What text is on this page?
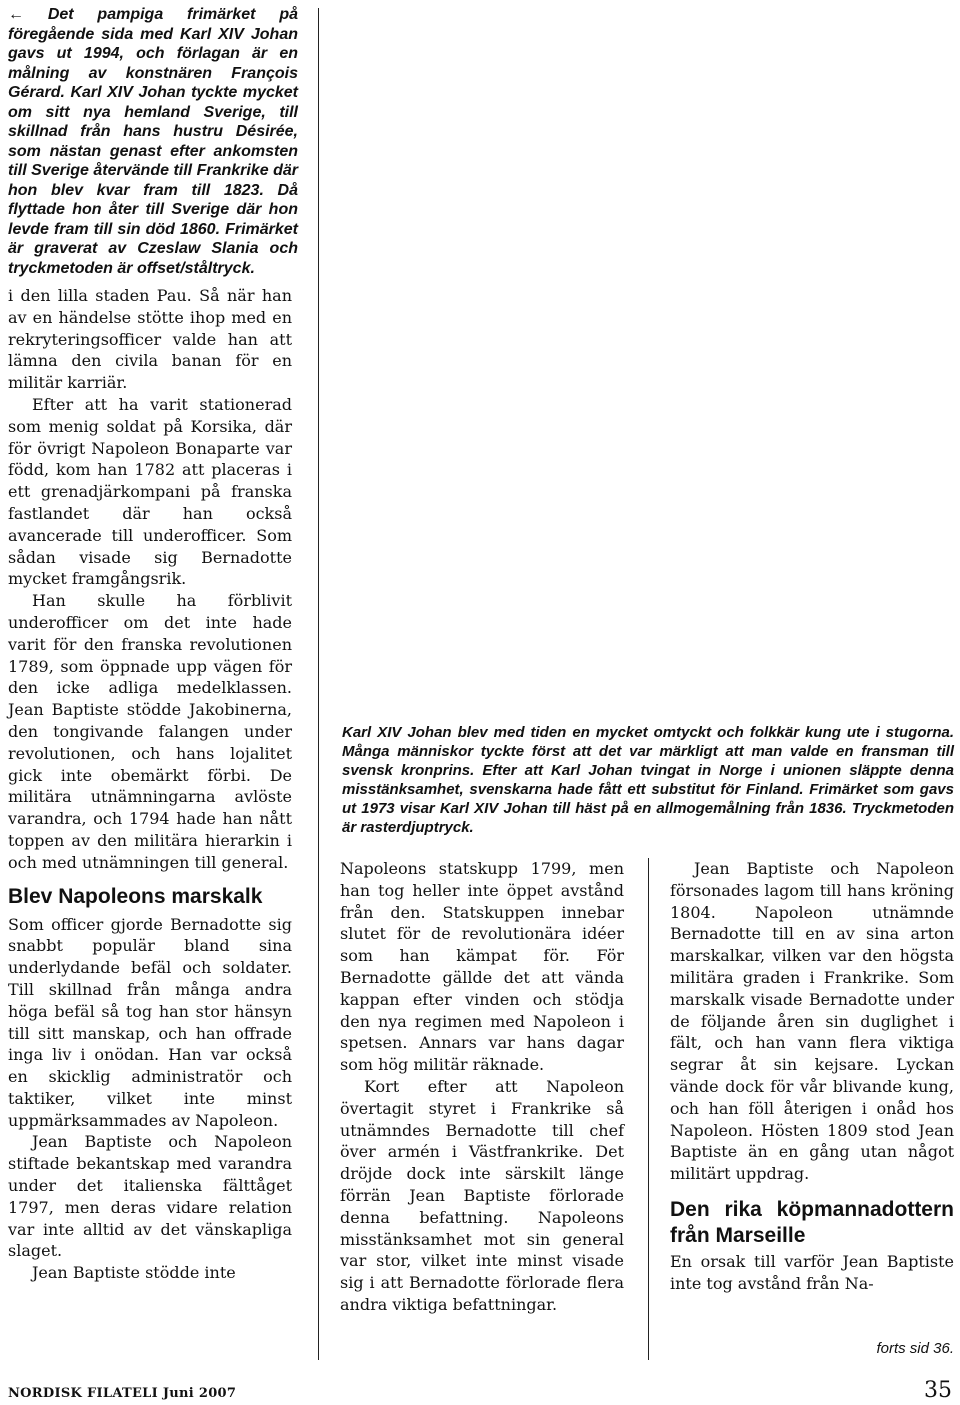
← Det pampiga frimärket på föregående sida med Karl XIV Johan gavs ut 1994, och förlagan är en målning av konstnären François Gérard. Karl XIV Johan tyckte mycket om sitt nya hemland Sverige, till skillnad från hans hustru Désirée, som nästan genast efter ankomsten till Sverige återvände till Frankrike där hon blev kvar fram till 1823. Då flyttade hon åter till Sverige där hon levde fram till sin död 1860. Frimärket är graverat av Czeslaw Slania och tryckmetoden är offset/ståltryck.

i den lilla staden Pau. Så när han av en händelse stötte ihop med en rekryteringsofficer valde han att lämna den civila banan för en militär karriär.

Efter att ha varit stationerad som menig soldat på Korsika, där för övrigt Napoleon Bonaparte var född, kom han 1782 att placeras i ett grenadjärkompani på franska fastlandet där han också avancerade till underofficer. Som sådan visade sig Bernadotte mycket framgångsrik.

Han skulle ha förblivit underofficer om det inte hade varit för den franska revolutionen 1789, som öppnade upp vägen för den icke adliga medelklassen. Jean Baptiste stödde Jakobinerna, den tongivande falangen under revolutionen, och hans lojalitet gick inte obemärkt förbi. De militära utnämningarna avlöste varandra, och 1794 hade han nått toppen av den militära hierarkin i och med utnämningen till general.

Blev Napoleons marskalk

Som officer gjorde Bernadotte sig snabbt populär bland sina underlydande befäl och soldater. Till skillnad från många andra höga befäl så tog han stor hänsyn till sitt manskap, och han offrade inga liv i onödan. Han var också en skicklig administratör och taktiker, vilket inte minst uppmärksammades av Napoleon.

Jean Baptiste och Napoleon stiftade bekantskap med varandra under det italienska fälttåget 1797, men deras vidare relation var inte alltid av det vänskapliga slaget.

Jean Baptiste stödde inte

Karl XIV Johan blev med tiden en mycket omtyckt och folkkär kung ute i stugorna. Många människor tyckte först att det var märkligt att man valde en fransman till svensk kronprins. Efter att Karl Johan tvingat in Norge i unionen släppte denna misstänksamhet, svenskarna hade fått ett substitut för Finland. Frimärket som gavs ut 1973 visar Karl XIV Johan till häst på en allmogemålning från 1836. Tryckmetoden är rasterdjuptryck.

Napoleons statskupp 1799, men han tog heller inte öppet avstånd från den. Statskuppen innebar slutet för de revolutionära idéer som han kämpat för. För Bernadotte gällde det att vända kappan efter vinden och stödja den nya regimen med Napoleon i spetsen. Annars var hans dagar som hög militär räknade.

Kort efter att Napoleon övertagit styret i Frankrike så utnämndes Bernadotte till chef över armén i Västfrankrike. Det dröjde dock inte särskilt länge förrän Jean Baptiste förlorade denna befattning. Napoleons misstänksamhet mot sin general var stor, vilket inte minst visade sig i att Bernadotte förlorade flera andra viktiga befattningar.

Jean Baptiste och Napoleon försonades lagom till hans kröning 1804. Napoleon utnämnde Bernadotte till en av sina arton marskalkar, vilken var den högsta militära graden i Frankrike. Som marskalk visade Bernadotte under de följande åren sin duglighet i fält, och han vann flera viktiga segrar åt sin kejsare. Lyckan vände dock för vår blivande kung, och han föll återigen i onåd hos Napoleon. Hösten 1809 stod Jean Baptiste än en gång utan något militärt uppdrag.

Den rika köpmannadottern från Marseille

En orsak till varför Jean Baptiste inte tog avstånd från Na-

forts sid 36.
NORDISK FILATELI Juni 2007	35
